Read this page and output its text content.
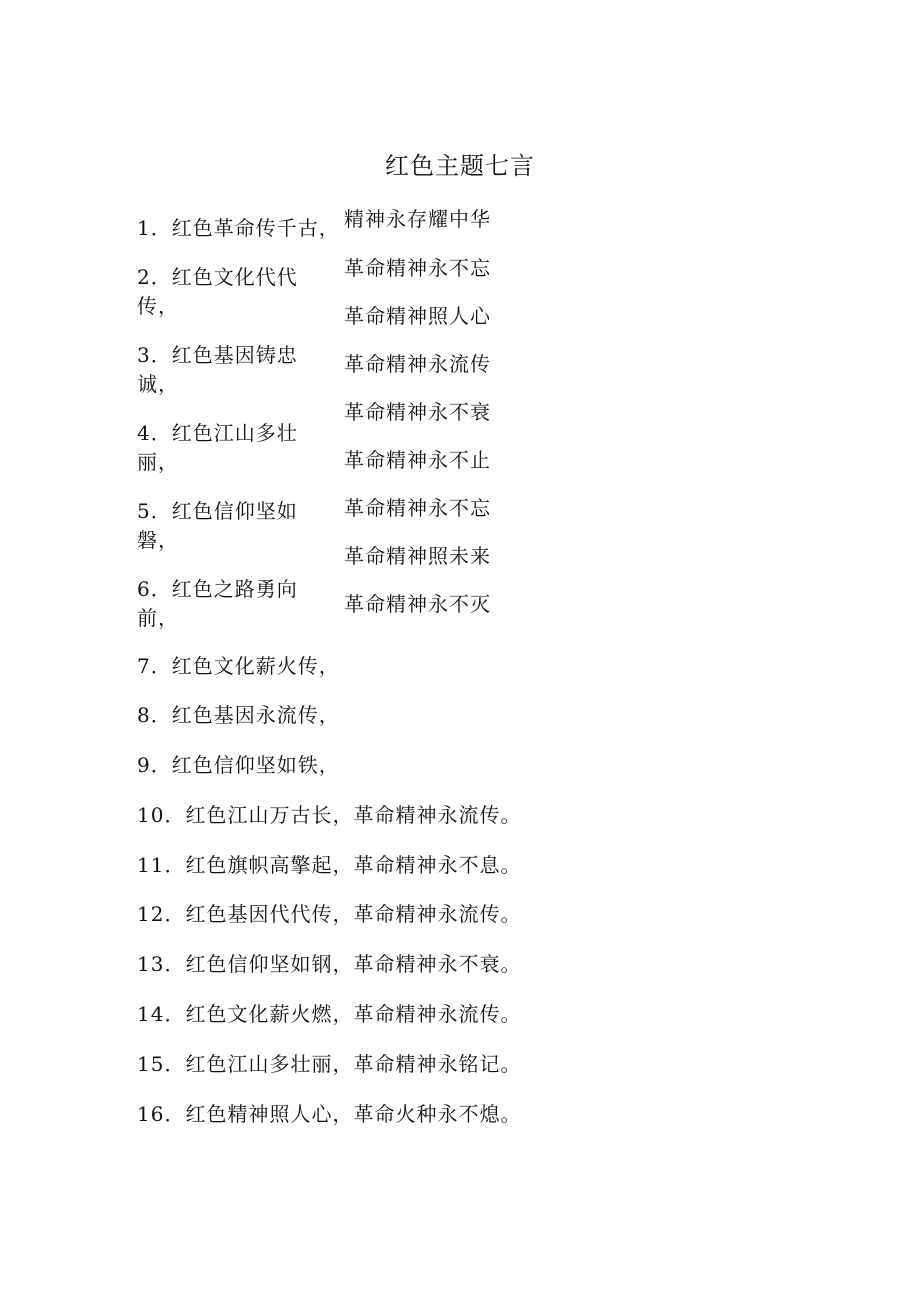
红色主题七言
1．红色革命传千古，
2．红色文化代代
传，
3．红色基因铸忠
诚，
4．红色江山多壮
丽，
5．红色信仰坚如
磐，
6．红色之路勇向
前，
7．红色文化薪火传，
8．红色基因永流传，
9．红色信仰坚如铁，
精神永存耀中华
革命精神永不忘
革命精神照人心
革命精神永流传
革命精神永不衰
革命精神永不止
革命精神永不忘
革命精神照未来
革命精神永不灭
10．红色江山万古长，革命精神永流传。
11．红色旗帜高擎起，革命精神永不息。
12．红色基因代代传，革命精神永流传。
13．红色信仰坚如钢，革命精神永不衰。
14．红色文化薪火燃，革命精神永流传。
15．红色江山多壮丽，革命精神永铭记。
16．红色精神照人心，革命火种永不熄。
